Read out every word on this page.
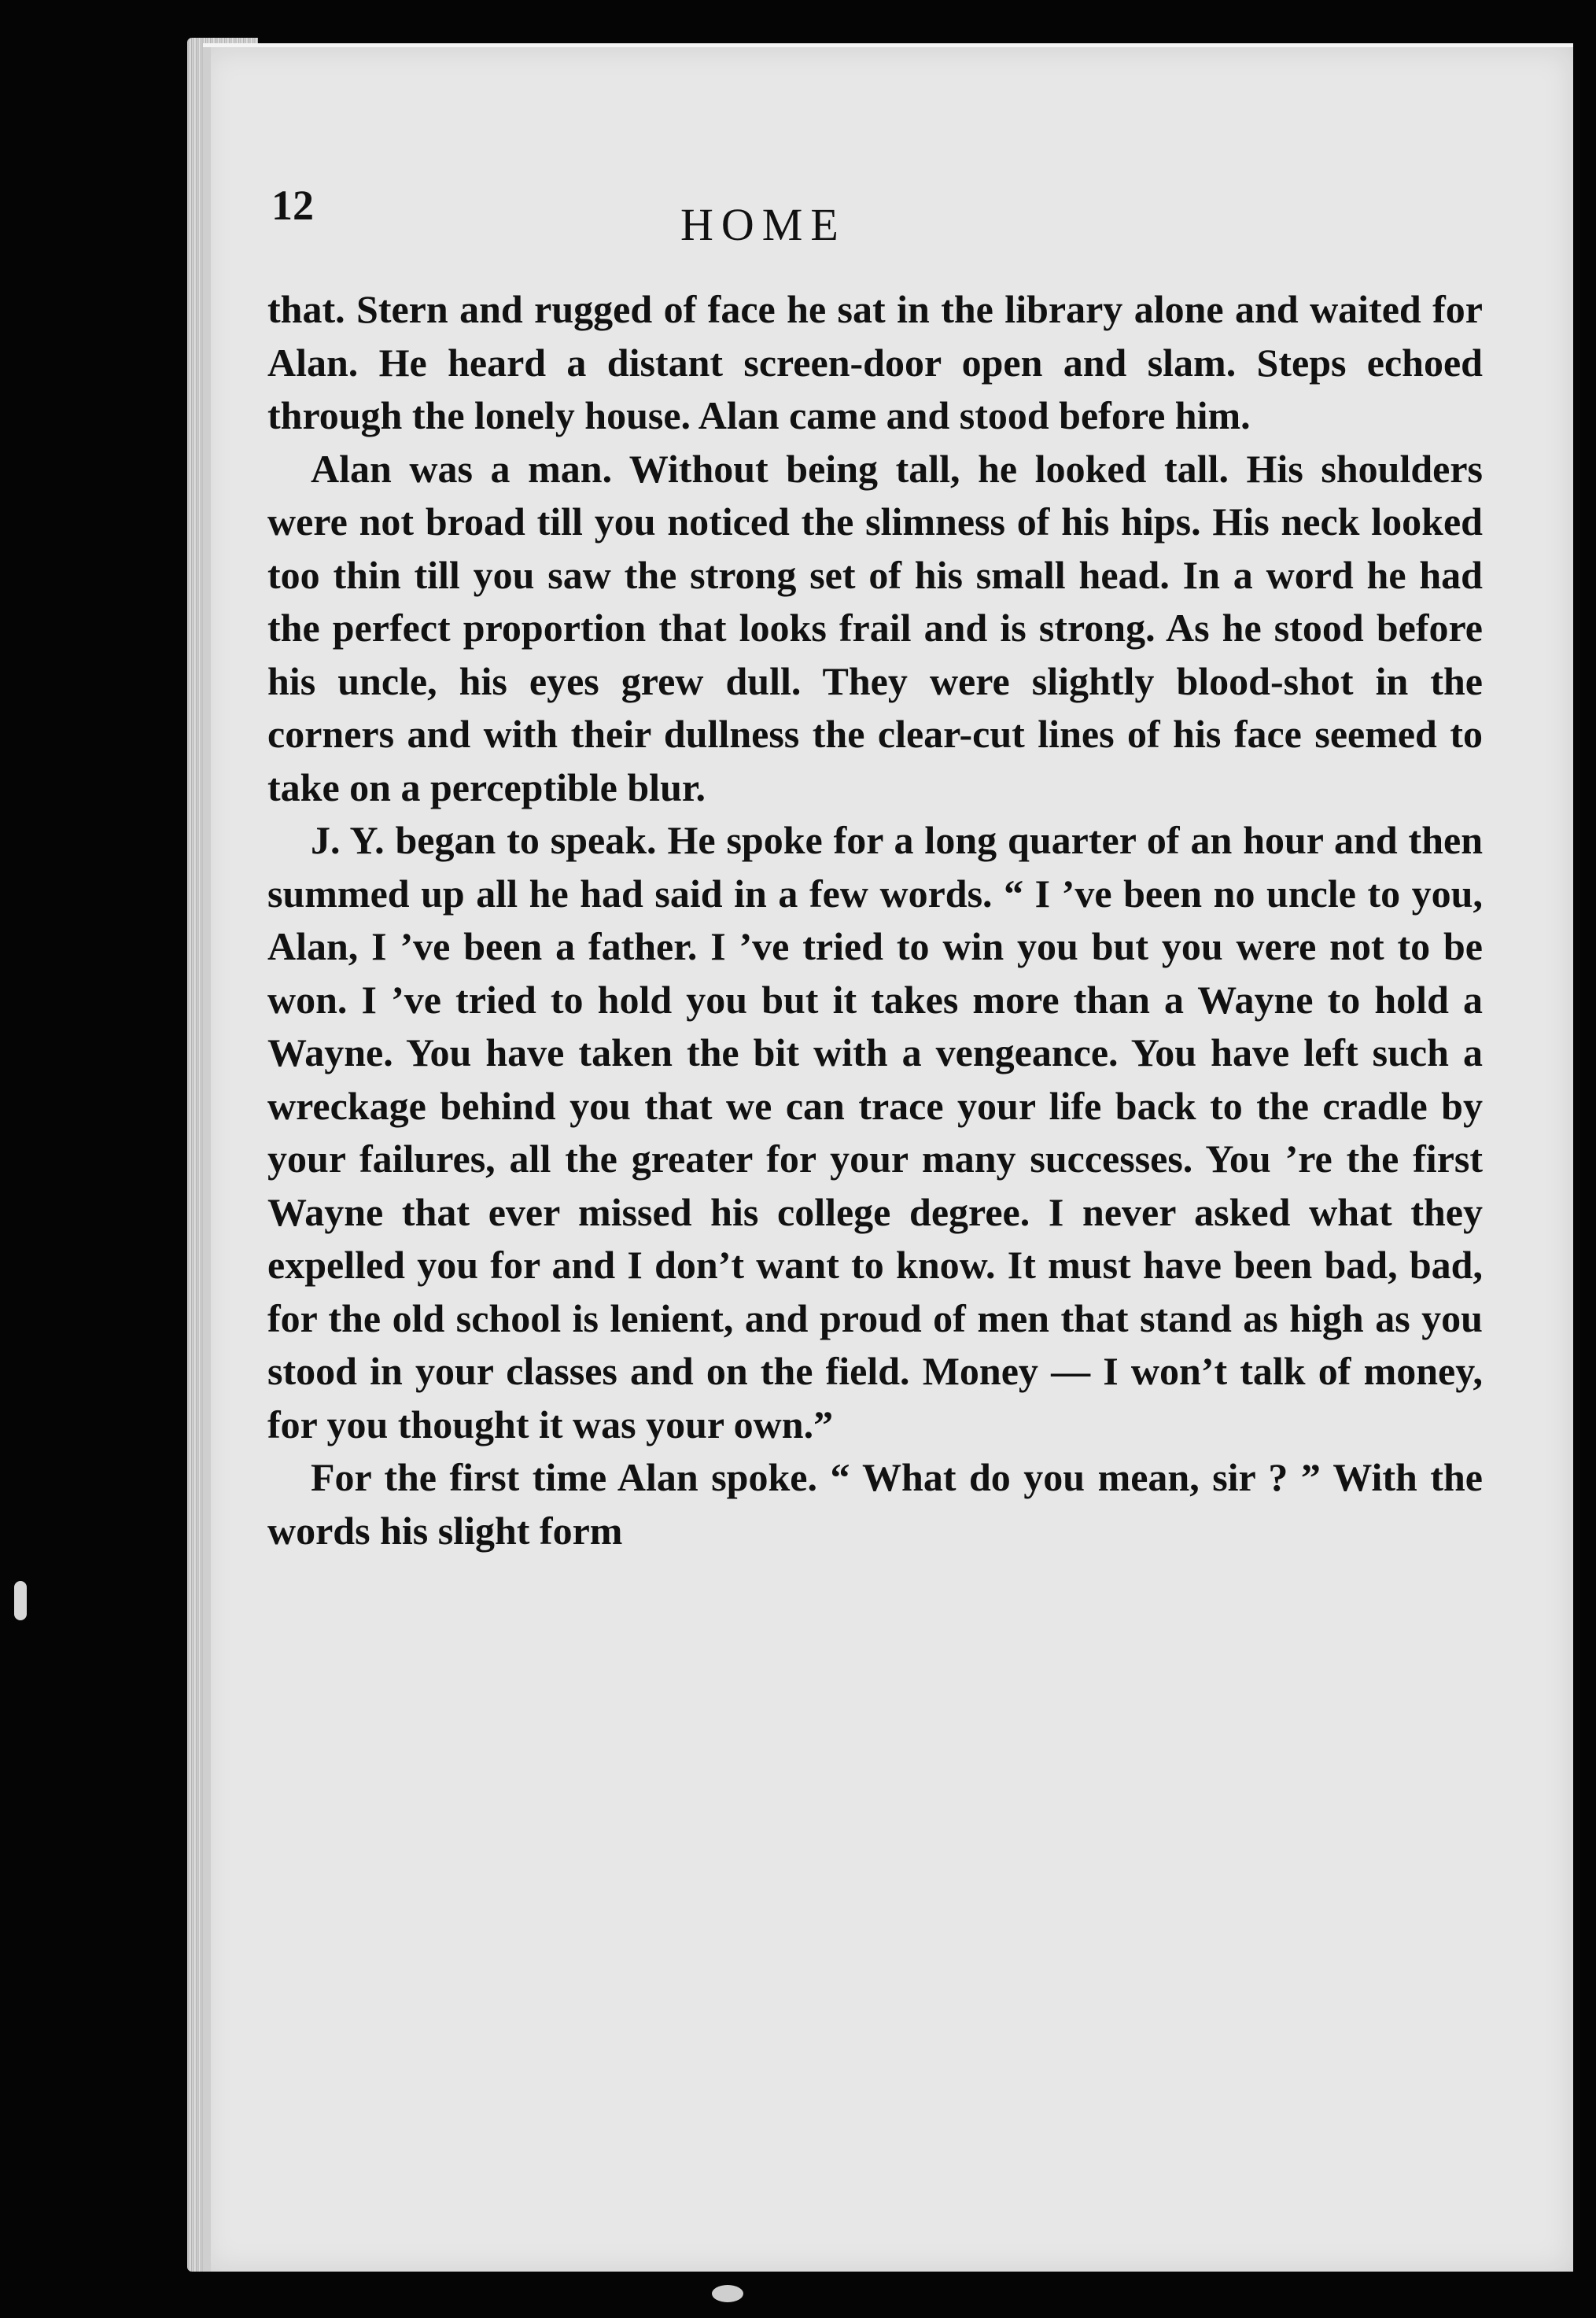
12	HOME

that. Stern and rugged of face he sat in the library alone and waited for Alan. He heard a distant screen-door open and slam. Steps echoed through the lonely house. Alan came and stood before him.

Alan was a man. Without being tall, he looked tall. His shoulders were not broad till you noticed the slimness of his hips. His neck looked too thin till you saw the strong set of his small head. In a word he had the perfect proportion that looks frail and is strong. As he stood before his uncle, his eyes grew dull. They were slightly blood-shot in the corners and with their dullness the clear-cut lines of his face seemed to take on a perceptible blur.

J. Y. began to speak. He spoke for a long quarter of an hour and then summed up all he had said in a few words. “ I ’ve been no uncle to you, Alan, I ’ve been a father. I ’ve tried to win you but you were not to be won. I ’ve tried to hold you but it takes more than a Wayne to hold a Wayne. You have taken the bit with a vengeance. You have left such a wreckage behind you that we can trace your life back to the cradle by your failures, all the greater for your many successes. You ’re the first Wayne that ever missed his college degree. I never asked what they expelled you for and I don’t want to know. It must have been bad, bad, for the old school is lenient, and proud of men that stand as high as you stood in your classes and on the field. Money — I won’t talk of money, for you thought it was your own.”

For the first time Alan spoke. “ What do you mean, sir ? ” With the words his slight form
